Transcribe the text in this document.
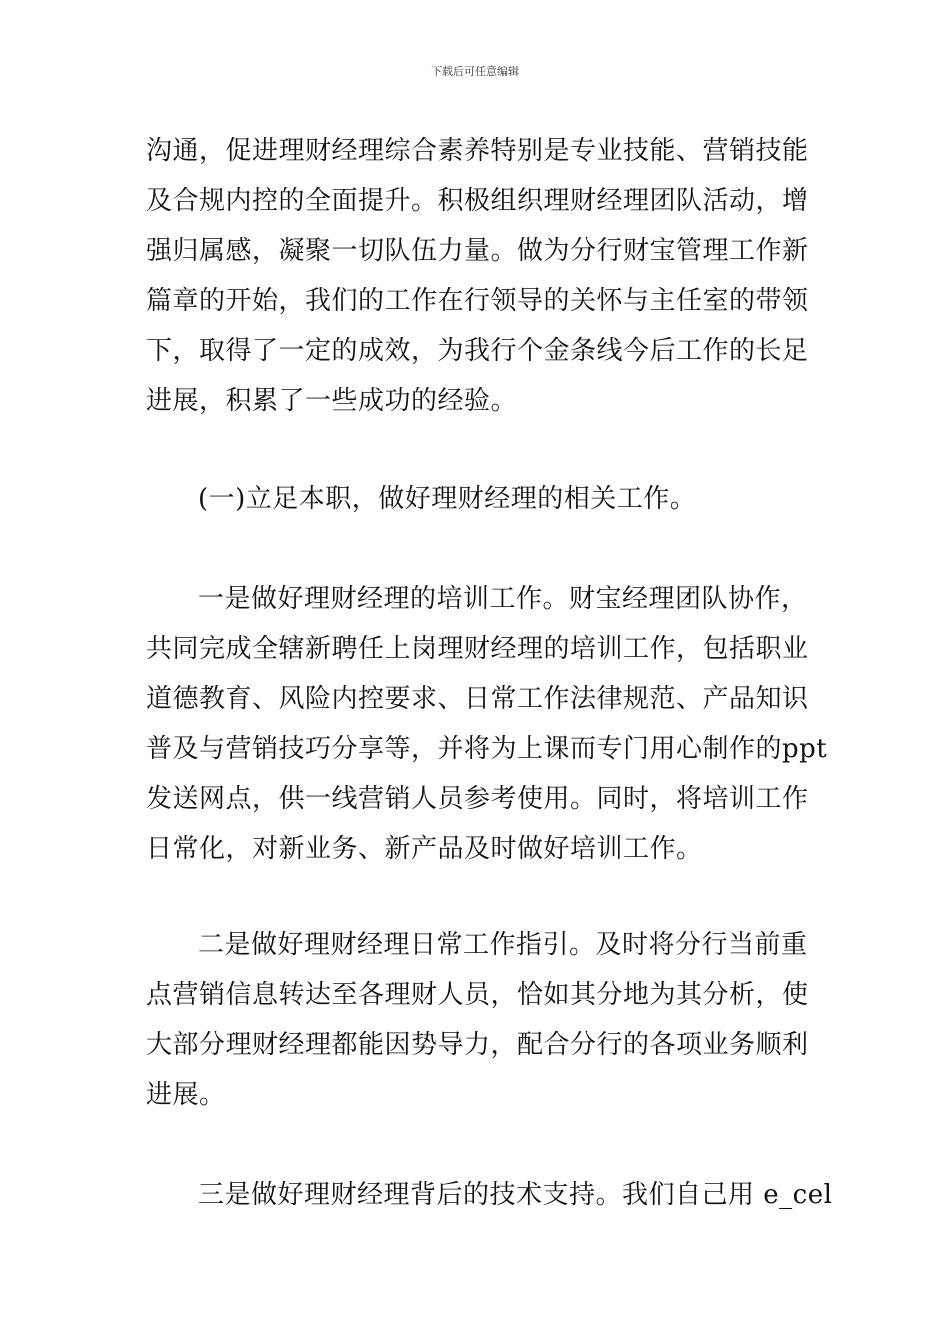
下载后可任意编辑
沟通，促进理财经理综合素养特别是专业技能、营销技能
及合规内控的全面提升。积极组织理财经理团队活动，增
强归属感，凝聚一切队伍力量。做为分行财宝管理工作新
篇章的开始，我们的工作在行领导的关怀与主任室的带领
下，取得了一定的成效，为我行个金条线今后工作的长足
进展，积累了一些成功的经验。
(一)立足本职，做好理财经理的相关工作。
一是做好理财经理的培训工作。财宝经理团队协作，
共同完成全辖新聘任上岗理财经理的培训工作，包括职业
道德教育、风险内控要求、日常工作法律规范、产品知识
普及与营销技巧分享等，并将为上课而专门用心制作的ppt
发送网点，供一线营销人员参考使用。同时，将培训工作
日常化，对新业务、新产品及时做好培训工作。
二是做好理财经理日常工作指引。及时将分行当前重
点营销信息转达至各理财人员，恰如其分地为其分析，使
大部分理财经理都能因势导力，配合分行的各项业务顺利
进展。
三是做好理财经理背后的技术支持。我们自己用 e_cel
